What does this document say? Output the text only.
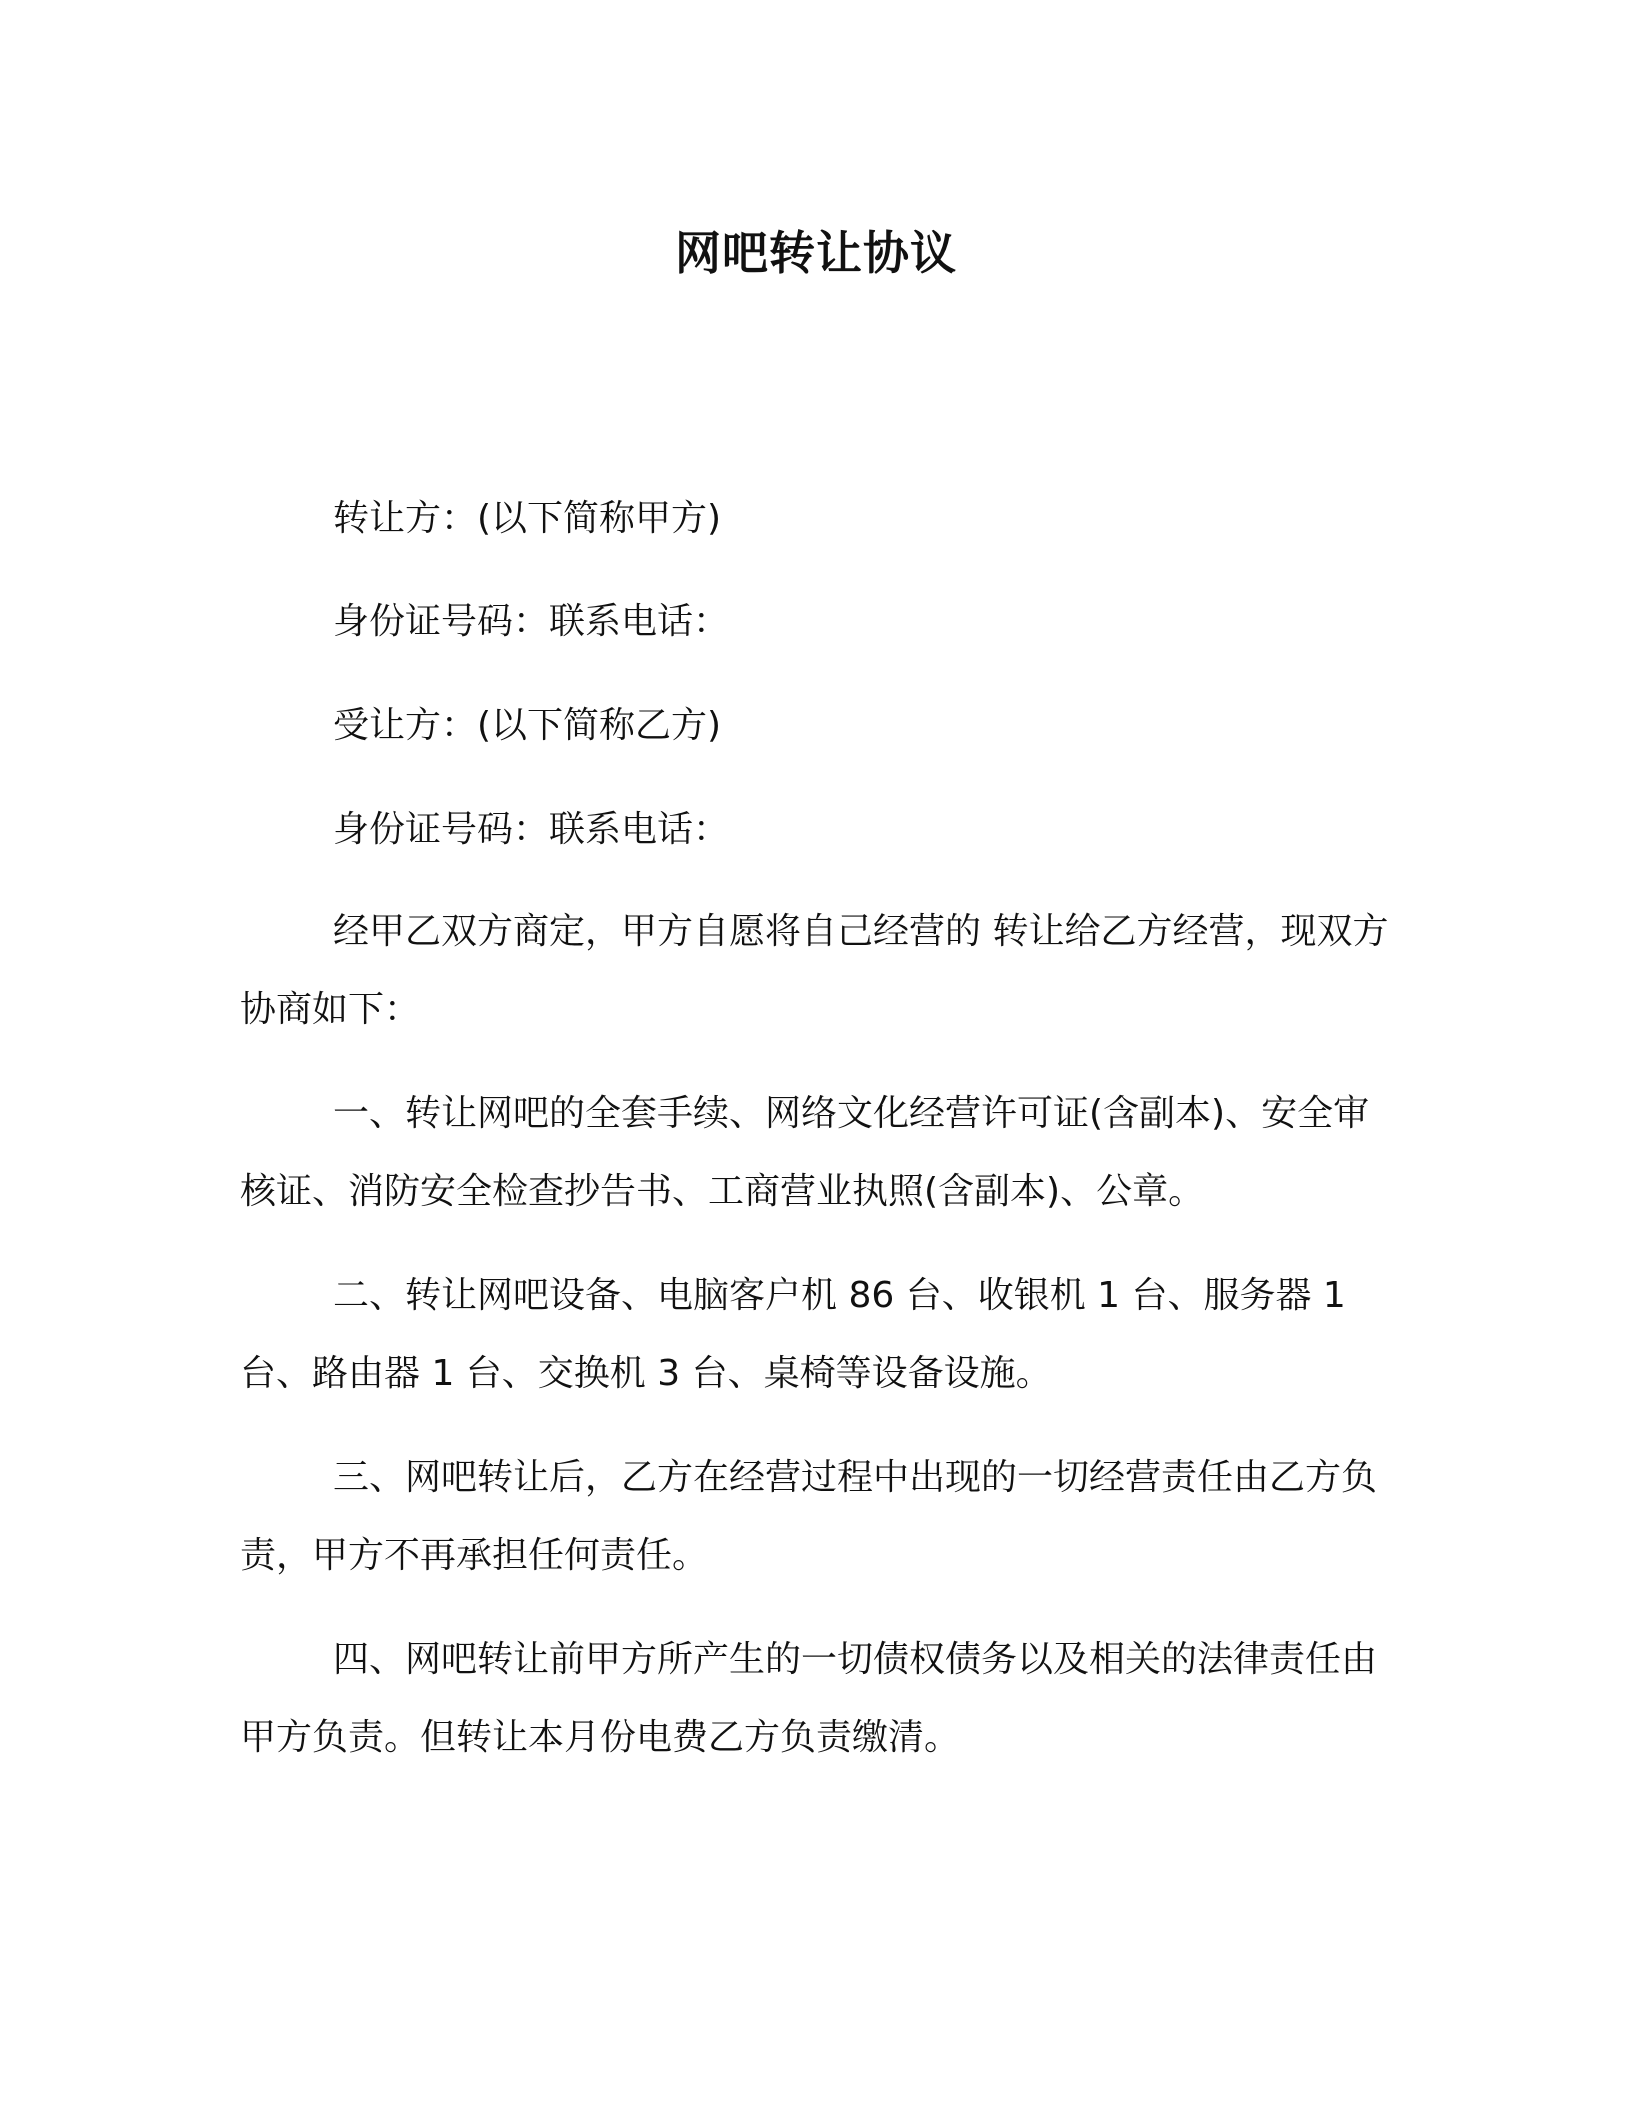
网吧转让协议

转让方：(以下简称甲方)

身份证号码：联系电话：

受让方：(以下简称乙方)

身份证号码：联系电话：

经甲乙双方商定，甲方自愿将自己经营的 转让给乙方经营，现双方协商如下：

一、转让网吧的全套手续、网络文化经营许可证(含副本)、安全审核证、消防安全检查抄告书、工商营业执照(含副本)、公章。

二、转让网吧设备、电脑客户机 86 台、收银机 1 台、服务器 1 台、路由器 1 台、交换机 3 台、桌椅等设备设施。

三、网吧转让后，乙方在经营过程中出现的一切经营责任由乙方负责，甲方不再承担任何责任。

四、网吧转让前甲方所产生的一切债权债务以及相关的法律责任由甲方负责。但转让本月份电费乙方负责缴清。
